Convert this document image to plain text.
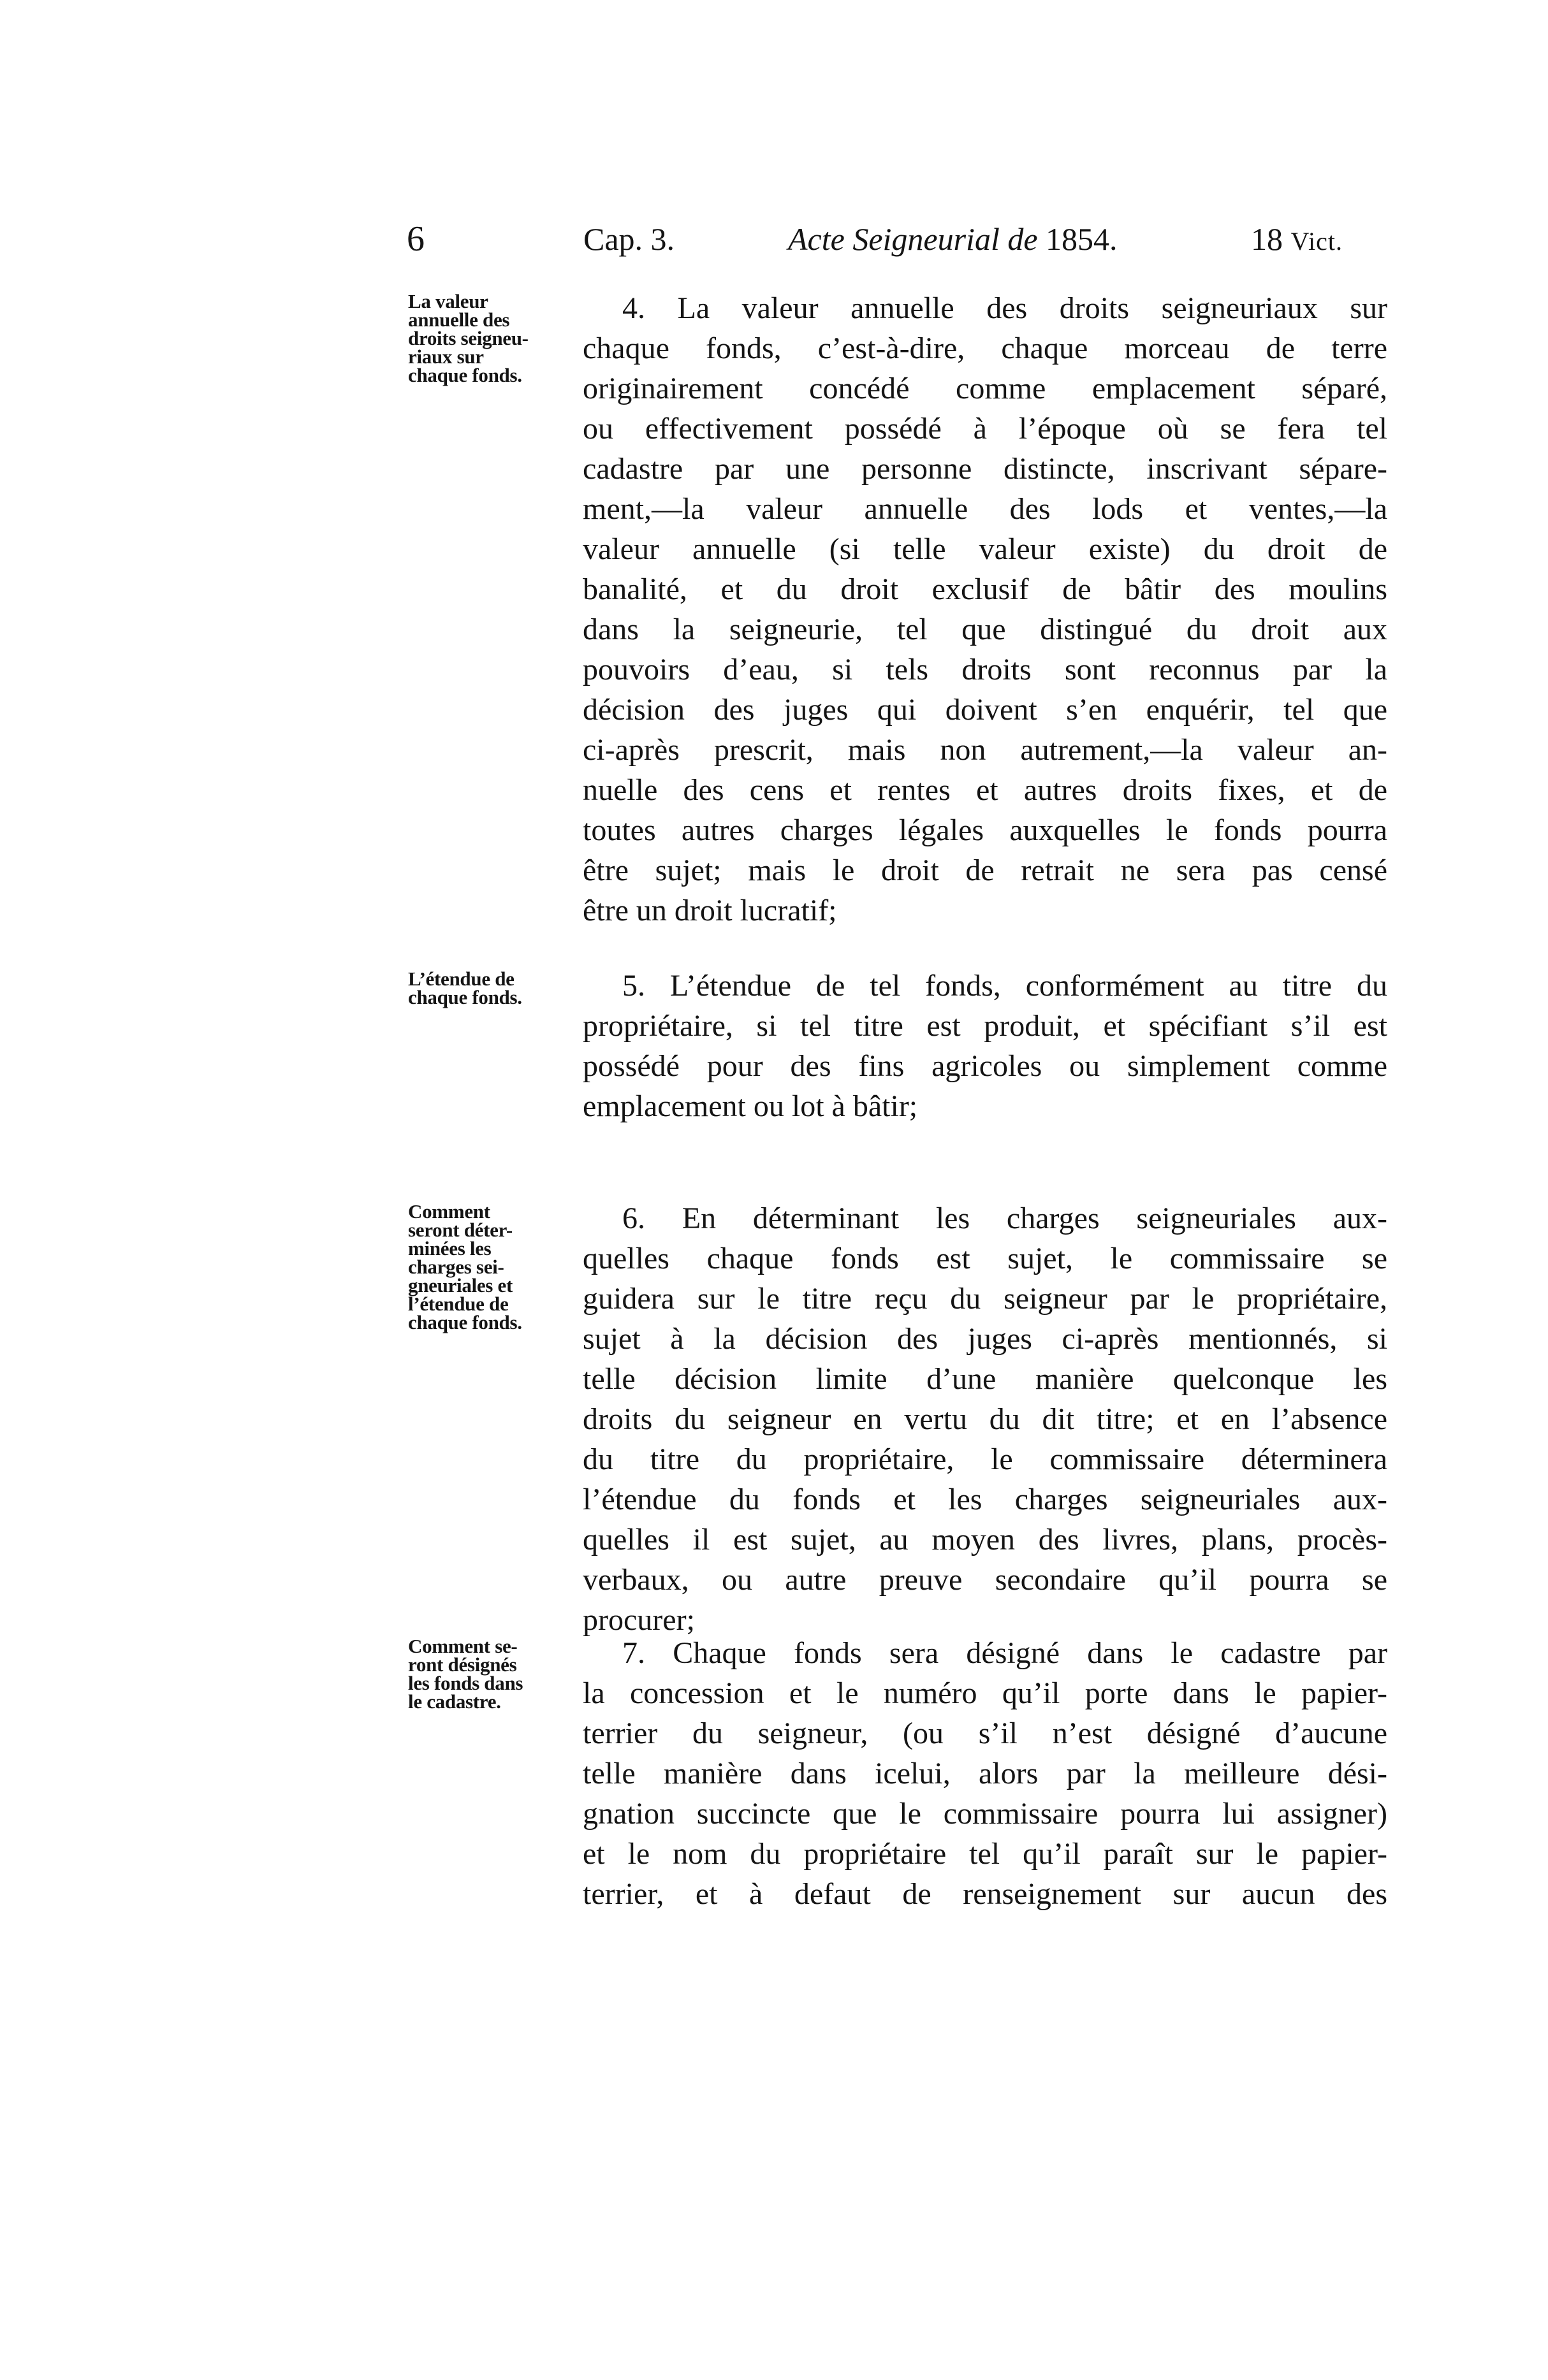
6	Cap. 3.	Acte Seigneurial de 1854.	18 Vict.
La valeur
annuelle des
droits seigneu-
riaux sur
chaque fonds.
4. La valeur annuelle des droits seigneuriaux sur
chaque fonds, c’est-à-dire, chaque morceau de terre
originairement concédé comme emplacement séparé,
ou effectivement possédé à l’époque où se fera tel
cadastre par une personne distincte, inscrivant sépare-
ment,—la valeur annuelle des lods et ventes,—la
valeur annuelle (si telle valeur existe) du droit de
banalité, et du droit exclusif de bâtir des moulins
dans la seigneurie, tel que distingué du droit aux
pouvoirs d’eau, si tels droits sont reconnus par la
décision des juges qui doivent s’en enquérir, tel que
ci-après prescrit, mais non autrement,—la valeur an-
nuelle des cens et rentes et autres droits fixes, et de
toutes autres charges légales auxquelles le fonds pourra
être sujet; mais le droit de retrait ne sera pas censé
être un droit lucratif;
L’étendue de
chaque fonds.	5. L’étendue de tel fonds, conformément au titre du
propriétaire, si tel titre est produit, et spécifiant s’il est
possédé pour des fins agricoles ou simplement comme
emplacement ou lot à bâtir;
Comment
seront déter-
minées les
charges sei-
gneuriales et
l’étendue de
chaque fonds.
6. En déterminant les charges seigneuriales aux-
quelles chaque fonds est sujet, le commissaire se
guidera sur le titre reçu du seigneur par le propriétaire,
sujet à la décision des juges ci-après mentionnés, si
telle décision limite d’une manière quelconque les
droits du seigneur en vertu du dit titre; et en l’absence
du titre du propriétaire, le commissaire déterminera
l’étendue du fonds et les charges seigneuriales aux-
quelles il est sujet, au moyen des livres, plans, procès-
verbaux, ou autre preuve secondaire qu’il pourra se
procurer;
Comment se-
ront désignés
les fonds dans
le cadastre.
7. Chaque fonds sera désigné dans le cadastre par
la concession et le numéro qu’il porte dans le papier-
terrier du seigneur, (ou s’il n’est désigné d’aucune
telle manière dans icelui, alors par la meilleure dési-
gnation succincte que le commissaire pourra lui assigner)
et le nom du propriétaire tel qu’il paraît sur le papier-
terrier, et à defaut de renseignement sur aucun des
